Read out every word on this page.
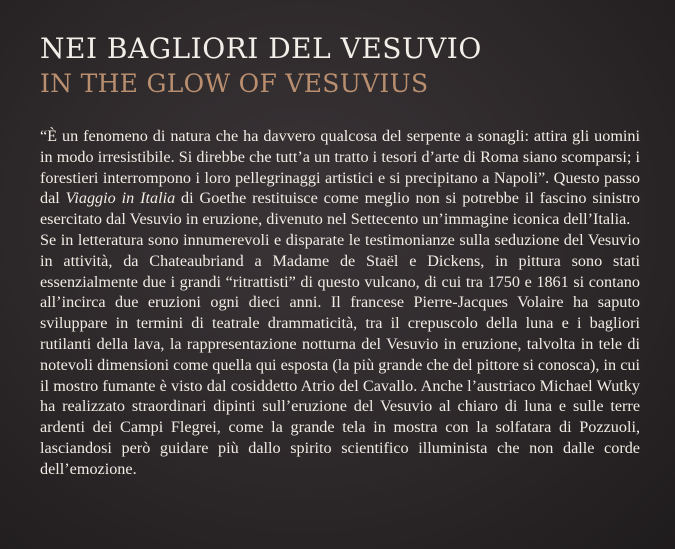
NEI BAGLIORI DEL VESUVIO
IN THE GLOW OF VESUVIUS

“È un fenomeno di natura che ha davvero qualcosa del serpente a sonagli: attira gli uomini in modo irresistibile. Si direbbe che tutt’a un tratto i tesori d’arte di Roma siano scomparsi; i forestieri interrompono i loro pellegrinaggi artistici e si precipitano a Napoli”. Questo passo dal Viaggio in Italia di Goethe restituisce come meglio non si potrebbe il fascino sinistro esercitato dal Vesuvio in eruzione, divenuto nel Settecento un’immagine iconica dell’Italia.

Se in letteratura sono innumerevoli e disparate le testimonianze sulla seduzione del Vesuvio in attività, da Chateaubriand a Madame de Staël e Dickens, in pittura sono stati essenzialmente due i grandi “ritrattisti” di questo vulcano, di cui tra 1750 e 1861 si contano all’incirca due eruzioni ogni dieci anni. Il francese Pierre-Jacques Volaire ha saputo sviluppare in termini di teatrale drammaticità, tra il crepuscolo della luna e i bagliori rutilanti della lava, la rappresentazione notturna del Vesuvio in eruzione, talvolta in tele di notevoli dimensioni come quella qui esposta (la più grande che del pittore si conosca), in cui il mostro fumante è visto dal cosiddetto Atrio del Cavallo. Anche l’austriaco Michael Wutky ha realizzato straordinari dipinti sull’eruzione del Vesuvio al chiaro di luna e sulle terre ardenti dei Campi Flegrei, come la grande tela in mostra con la solfatara di Pozzuoli, lasciandosi però guidare più dallo spirito scientifico illuminista che non dalle corde dell’emozione.
